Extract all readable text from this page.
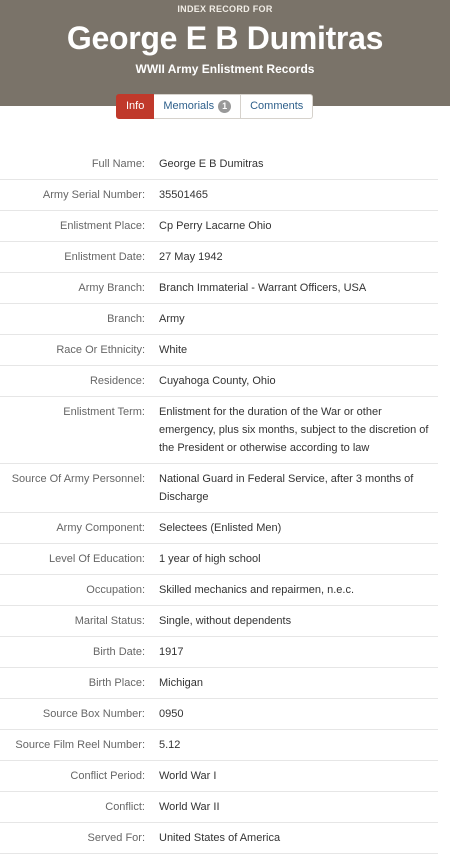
INDEX RECORD FOR
George E B Dumitras
WWII Army Enlistment Records
Info Memorials 1	Comments
Full Name:	George E B Dumitras
Army Serial Number:	35501465
Enlistment Place:	Cp Perry Lacarne Ohio
Enlistment Date:	27 May 1942
Army Branch:	Branch Immaterial - Warrant Officers, USA
Branch:	Army
Race Or Ethnicity:	White
Residence:	Cuyahoga County, Ohio
Enlistment Term:	Enlistment for the duration of the War or other emergency, plus six months, subject to the discretion of the President or otherwise according to law
Source Of Army Personnel:	National Guard in Federal Service, after 3 months of Discharge
Army Component:	Selectees (Enlisted Men)
Level Of Education:	1 year of high school
Occupation:	Skilled mechanics and repairmen, n.e.c.
Marital Status:	Single, without dependents
Birth Date:	1917
Birth Place:	Michigan
Source Box Number:	0950
Source Film Reel Number:	5.12
Conflict Period:	World War I
Conflict:	World War II
Served For:	United States of America
